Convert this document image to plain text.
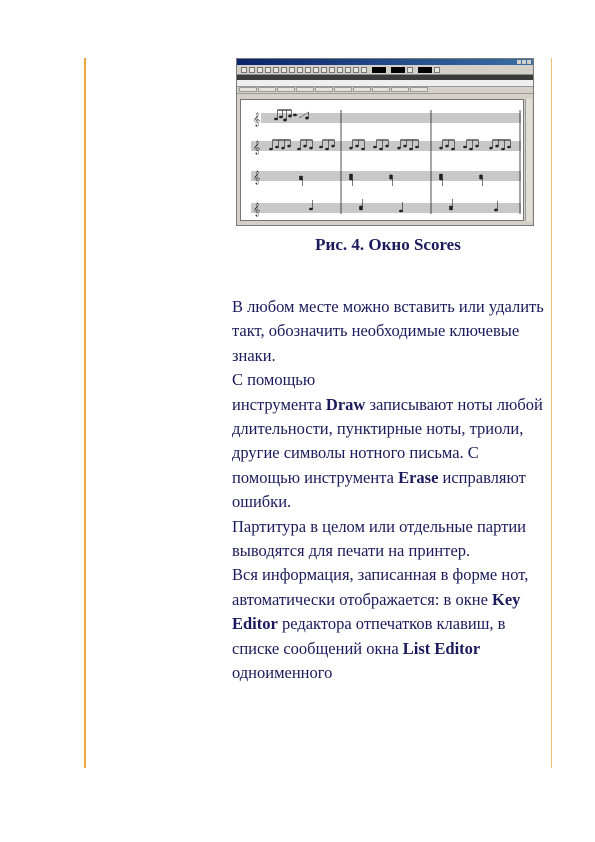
𝄞
𝄞
𝄞
𝄞
Рис. 4. Окно Scores

В любом месте можно вставить или удалить такт, обозначить необходимые ключевые знаки.

С помощью
инструмента Draw записывают ноты любой длительности, пунктирные ноты, триоли, другие символы нотного письма. С помощью инструмента Erase исправляют ошибки.

Партитура в целом или отдельные партии выводятся для печати на принтер.

Вся информация, записанная в форме нот, автоматически отображается: в окне Key Editor редактора отпечатков клавиш, в списке сообщений окна List Editor одноименного
